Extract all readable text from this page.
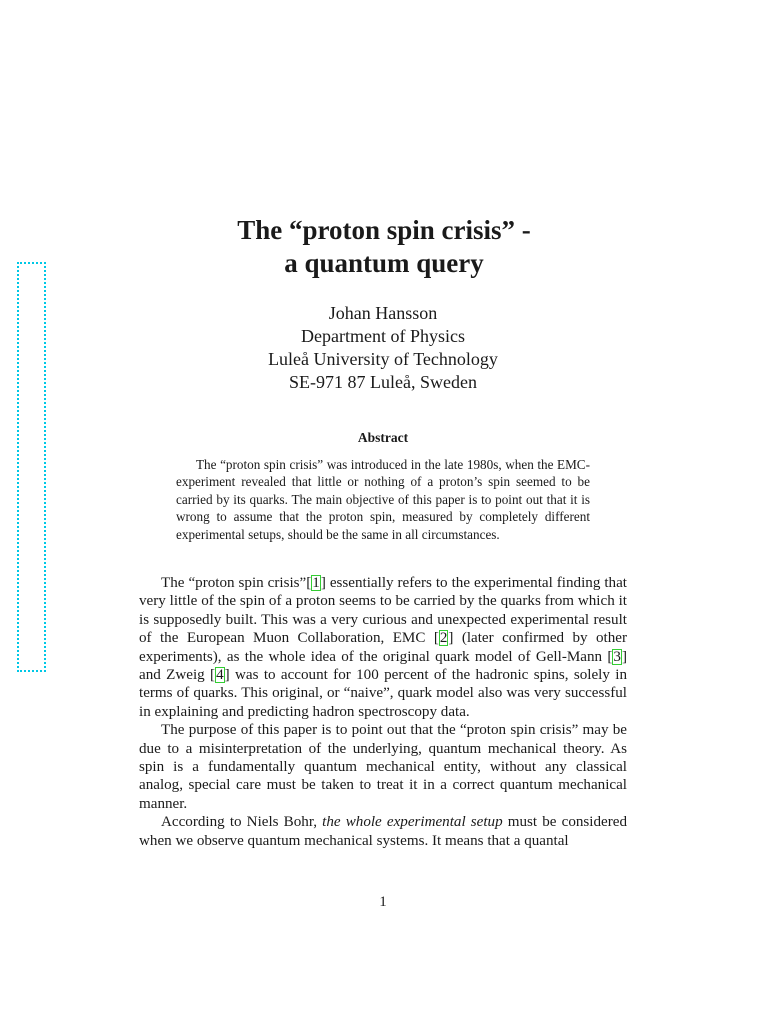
The “proton spin crisis” -
a quantum query
Johan Hansson
Department of Physics
Luleå University of Technology
SE-971 87 Luleå, Sweden
Abstract

The “proton spin crisis” was introduced in the late 1980s, when the EMC-experiment revealed that little or nothing of a proton’s spin seemed to be carried by its quarks. The main objective of this paper is to point out that it is wrong to assume that the proton spin, measured by completely different experimental setups, should be the same in all circumstances.

The “proton spin crisis”[1] essentially refers to the experimental finding that very little of the spin of a proton seems to be carried by the quarks from which it is supposedly built. This was a very curious and unexpected experimental result of the European Muon Collaboration, EMC [2] (later confirmed by other experiments), as the whole idea of the original quark model of Gell-Mann [3] and Zweig [4] was to account for 100 percent of the hadronic spins, solely in terms of quarks. This original, or “naive”, quark model also was very successful in explaining and predicting hadron spectroscopy data.

The purpose of this paper is to point out that the “proton spin crisis” may be due to a misinterpretation of the underlying, quantum mechanical theory. As spin is a fundamentally quantum mechanical entity, without any classical analog, special care must be taken to treat it in a correct quantum mechanical manner.

According to Niels Bohr, the whole experimental setup must be considered when we observe quantum mechanical systems. It means that a quantal

1
